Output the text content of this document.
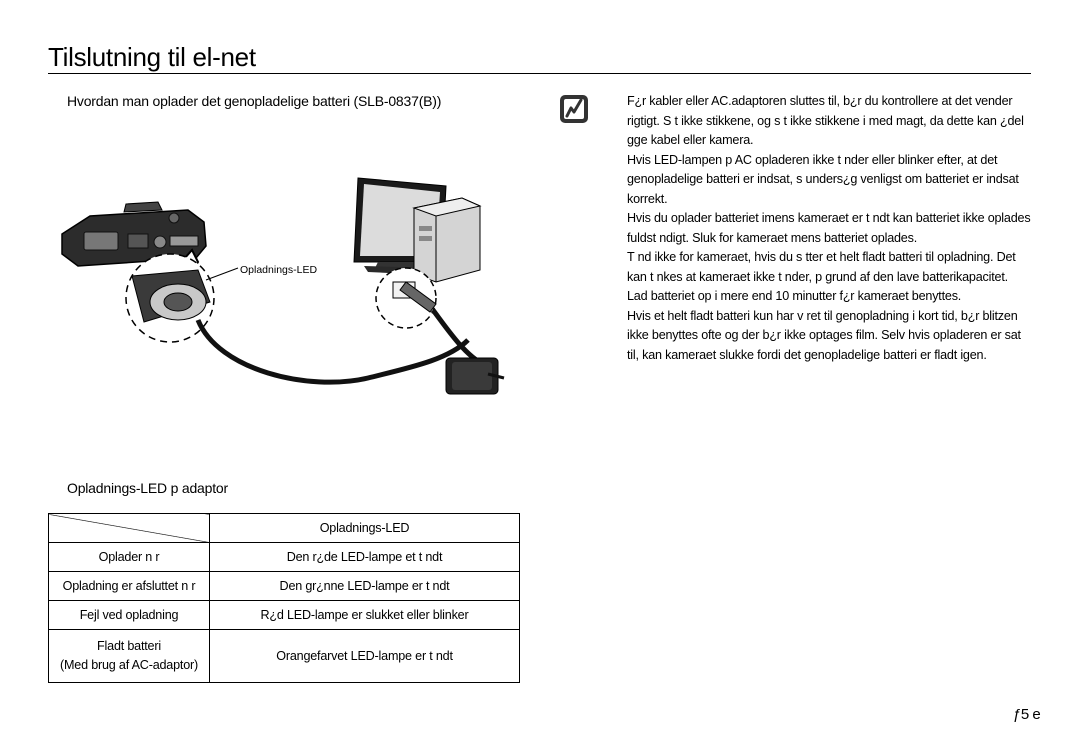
Tilslutning til el-net
Hvordan man oplader det genopladelige batteri (SLB-0837(B))
Opladnings-LED

F¿r kabler eller AC.adaptoren sluttes til, b¿r du kontrollere at det vender rigtigt. S t ikke stikkene, og s t ikke stikkene i med magt, da dette kan ¿del gge kabel eller kamera.

Hvis LED-lampen p AC opladeren ikke t nder eller blinker efter, at det genopladelige batteri er indsat, s unders¿g venligst om batteriet er indsat korrekt.

Hvis du oplader batteriet imens kameraet er t ndt kan batteriet ikke oplades fuldst ndigt. Sluk for kameraet mens batteriet oplades.

T nd ikke for kameraet, hvis du s tter et helt fladt batteri til opladning. Det kan t nkes at kameraet ikke t nder, p grund af den lave batterikapacitet. Lad batteriet op i mere end 10 minutter f¿r kameraet benyttes.

Hvis et helt fladt batteri kun har v ret til genopladning i kort tid, b¿r blitzen ikke benyttes ofte og der b¿r ikke optages film. Selv hvis opladeren er sat til, kan kameraet slukke fordi det genopladelige batteri er fladt igen.

Opladnings-LED p adaptor
	Opladnings-LED
Oplader n r	Den r¿de LED-lampe et t ndt
Opladning er afsluttet n r	Den gr¿nne LED-lampe er t ndt
Fejl ved opladning	R¿d LED-lampe er slukket eller blinker

Fladt batteri
(Med brug af AC-adaptor)	Orangefarvet LED-lampe er t ndt
ƒ5 e
